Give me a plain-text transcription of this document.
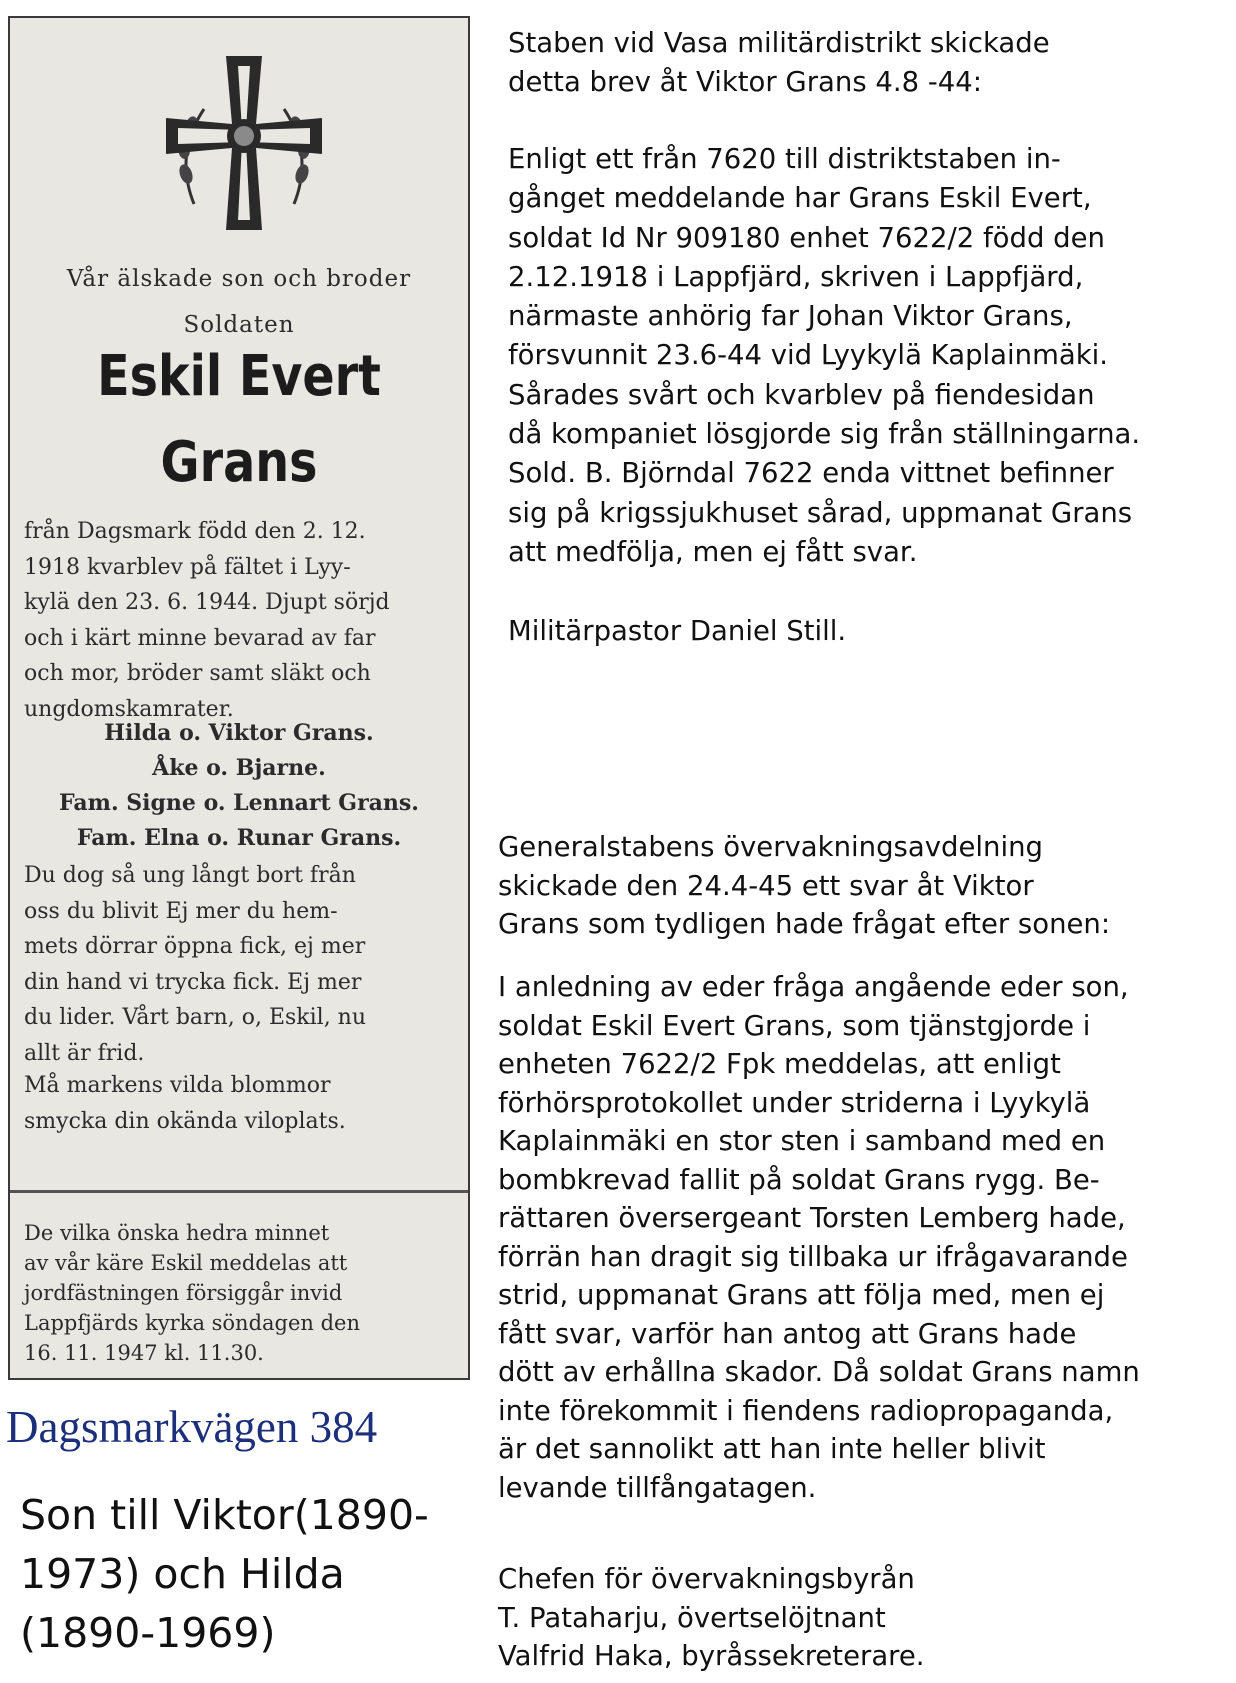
Vår älskade son och broder
Soldaten
Eskil Evert
Grans
från Dagsmark född den 2. 12.
1918 kvarblev på fältet i Lyy-
kylä den 23. 6. 1944. Djupt sörjd
och i kärt minne bevarad av far
och mor, bröder samt släkt och
ungdomskamrater.
Hilda o. Viktor Grans.
Åke o. Bjarne.
Fam. Signe o. Lennart Grans.
Fam. Elna o. Runar Grans.
Du dog så ung långt bort från
oss du blivit Ej mer du hem-
mets dörrar öppna fick, ej mer
din hand vi trycka fick. Ej mer
du lider. Vårt barn, o, Eskil, nu
allt är frid.
Må markens vilda blommor
smycka din okända viloplats.
De vilka önska hedra minnet
av vår käre Eskil meddelas att
jordfästningen försiggår invid
Lappfjärds kyrka söndagen den
16. 11. 1947 kl. 11.30.
Dagsmarkvägen 384
Son till Viktor(1890-
1973) och Hilda
(1890-1969)
Staben vid Vasa militärdistrikt skickade
detta brev åt Viktor Grans 4.8 -44:
Enligt ett från 7620 till distriktstaben in-
gånget meddelande har Grans Eskil Evert,
soldat Id Nr 909180 enhet 7622/2 född den
2.12.1918 i Lappfjärd, skriven i Lappfjärd,
närmaste anhörig far Johan Viktor Grans,
försvunnit 23.6-44 vid Lyykylä Kaplainmäki.
Sårades svårt och kvarblev på fiendesidan
då kompaniet lösgjorde sig från ställningarna.
Sold. B. Björndal 7622 enda vittnet befinner
sig på krigssjukhuset sårad, uppmanat Grans
att medfölja, men ej fått svar.
Militärpastor Daniel Still.
Generalstabens övervakningsavdelning
skickade den 24.4-45 ett svar åt Viktor
Grans som tydligen hade frågat efter sonen:
I anledning av eder fråga angående eder son,
soldat Eskil Evert Grans, som tjänstgjorde i
enheten 7622/2 Fpk meddelas, att enligt
förhörsprotokollet under striderna i Lyykylä
Kaplainmäki en stor sten i samband med en
bombkrevad fallit på soldat Grans rygg. Be-
rättaren översergeant Torsten Lemberg hade,
förrän han dragit sig tillbaka ur ifrågavarande
strid, uppmanat Grans att följa med, men ej
fått svar, varför han antog att Grans hade
dött av erhållna skador. Då soldat Grans namn
inte förekommit i fiendens radiopropaganda,
är det sannolikt att han inte heller blivit
levande tillfångatagen.
Chefen för övervakningsbyrån
T. Pataharju, övertselöjtnant
Valfrid Haka, byråssekreterare.
